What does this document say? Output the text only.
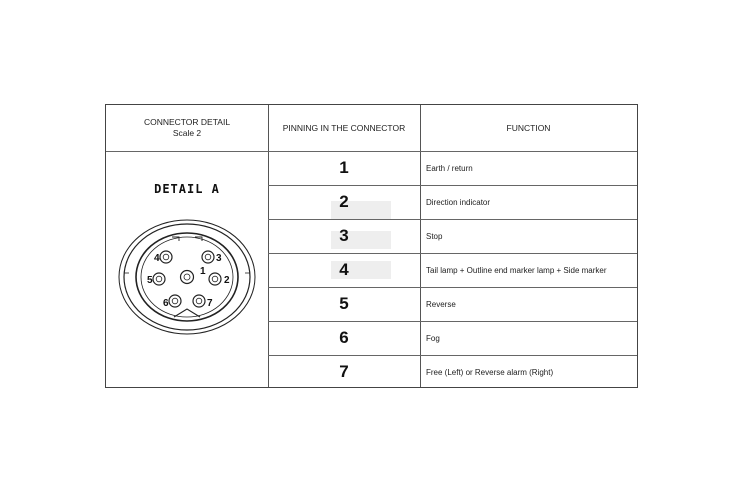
CONNECTOR DETAIL
Scale 2
PINNING IN THE CONNECTOR	FUNCTION
1
2
3
4
5
6
7
Earth / return
Direction indicator
Stop
Tail lamp + Outline end marker lamp + Side marker
Reverse
Fog
Free (Left) or Reverse alarm (Right)
DETAIL A
1
2
3
4
5
6	7
